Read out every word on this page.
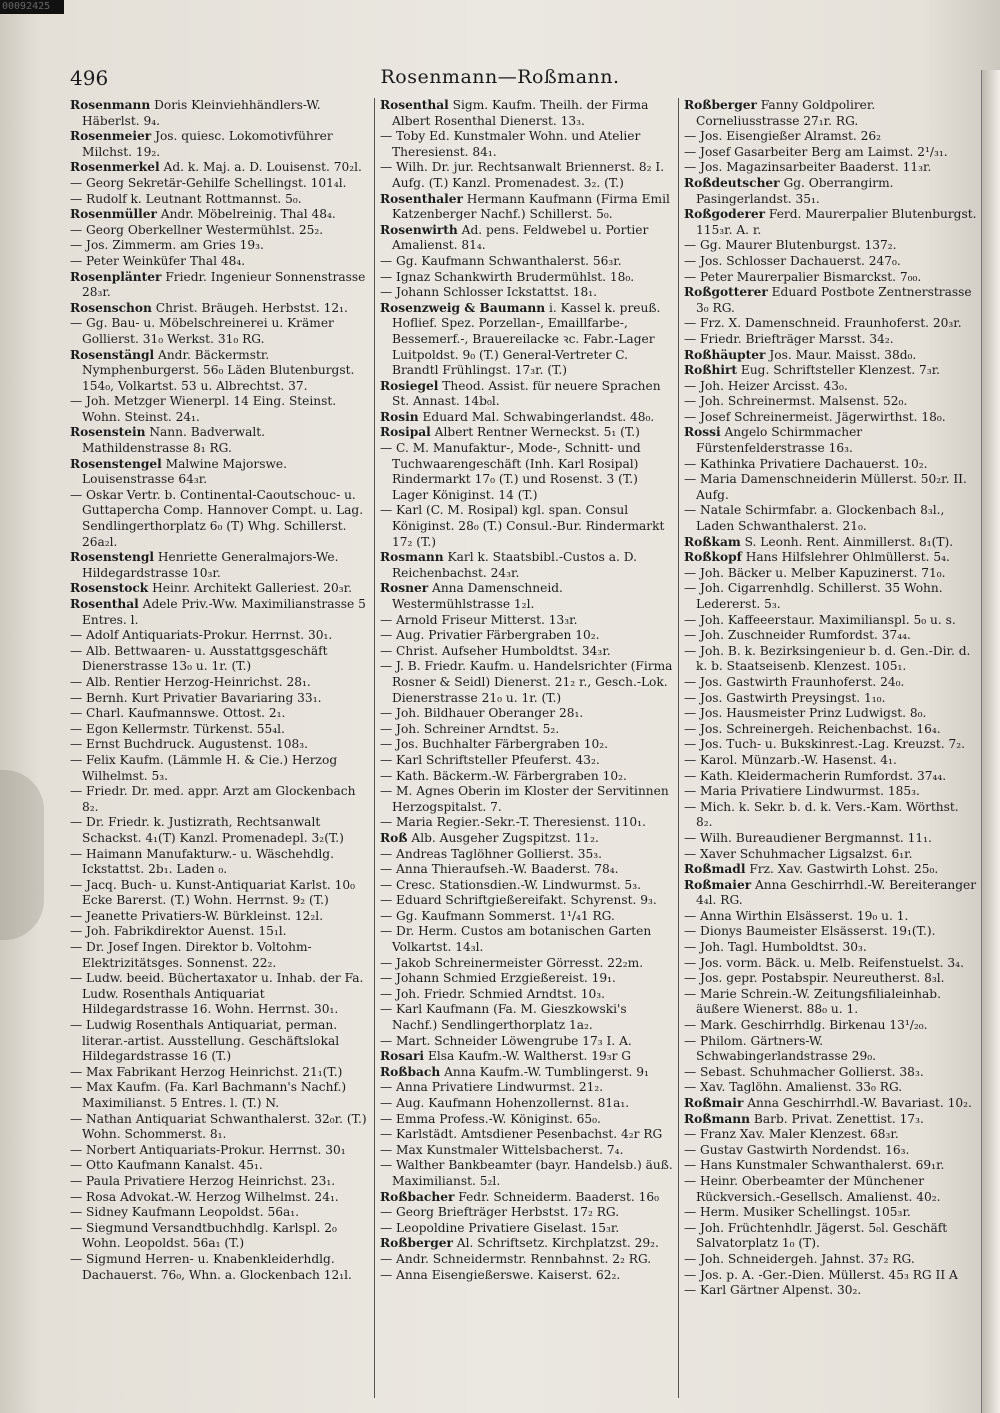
00092425
496	Rosenmann—Roßmann.

Rosenmann Doris Kleinviehhändlers-W. Häberlst. 9₄.

Rosenmeier Jos. quiesc. Lokomotivführer Milchst. 19₂.

Rosenmerkel Ad. k. Maj. a. D. Louisenst. 70₂l.

— Georg Sekretär-Gehilfe Schellingst. 101₄l.

— Rudolf k. Leutnant Rottmannst. 5₀.

Rosenmüller Andr. Möbelreinig. Thal 48₄.

— Georg Oberkellner Westermühlst. 25₂.

— Jos. Zimmerm. am Gries 19₃.

— Peter Weinküfer Thal 48₄.

Rosenplänter Friedr. Ingenieur Sonnenstrasse 28₃r.

Rosenschon Christ. Bräugeh. Herbstst. 12₁.

— Gg. Bau- u. Möbelschreinerei u. Krämer Gollierst. 31₀ Werkst. 31₀ RG.

Rosenstängl Andr. Bäckermstr. Nymphenburgerst. 56₀ Läden Blutenburgst. 154₀, Volkartst. 53 u. Albrechtst. 37.

— Joh. Metzger Wienerpl. 14 Eing. Steinst. Wohn. Steinst. 24₁.

Rosenstein Nann. Badverwalt. Mathildenstrasse 8₁ RG.

Rosenstengel Malwine Majorswe. Louisenstrasse 64₃r.

— Oskar Vertr. b. Continental-Caoutschouc- u. Guttapercha Comp. Hannover Compt. u. Lag. Sendlingerthorplatz 6₀ (T) Whg. Schillerst. 26a₂l.

Rosenstengl Henriette Generalmajors-We. Hildegardstrasse 10₃r.

Rosenstock Heinr. Architekt Galleriest. 20₃r.

Rosenthal Adele Priv.-Ww. Maximilianstrasse 5 Entres. l.

— Adolf Antiquariats-Prokur. Herrnst. 30₁.

— Alb. Bettwaaren- u. Ausstattgsgeschäft Dienerstrasse 13₀ u. 1r. (T.)

— Alb. Rentier Herzog-Heinrichst. 28₁.

— Bernh. Kurt Privatier Bavariaring 33₁.

— Charl. Kaufmannswe. Ottost. 2₁.

— Egon Kellermstr. Türkenst. 55₄l.

— Ernst Buchdruck. Augustenst. 108₃.

— Felix Kaufm. (Lämmle H. & Cie.) Herzog Wilhelmst. 5₃.

— Friedr. Dr. med. appr. Arzt am Glockenbach 8₂.

— Dr. Friedr. k. Justizrath, Rechtsanwalt Schackst. 4₁(T) Kanzl. Promenadepl. 3₂(T.)

— Haimann Manufakturw.- u. Wäschehdlg. Ickstattst. 2b₁. Laden ₀.

— Jacq. Buch- u. Kunst-Antiquariat Karlst. 10₀ Ecke Barerst. (T.) Wohn. Herrnst. 9₂ (T.)

— Jeanette Privatiers-W. Bürkleinst. 12₂l.

— Joh. Fabrikdirektor Auenst. 15₁l.

— Dr. Josef Ingen. Direktor b. Voltohm-Elektrizitätsges. Sonnenst. 22₂.

— Ludw. beeid. Büchertaxator u. Inhab. der Fa. Ludw. Rosenthals Antiquariat Hildegardstrasse 16. Wohn. Herrnst. 30₁.

— Ludwig Rosenthals Antiquariat, perman. literar.-artist. Ausstellung. Geschäftslokal Hildegardstrasse 16 (T.)

— Max Fabrikant Herzog Heinrichst. 21₁(T.)

— Max Kaufm. (Fa. Karl Bachmann's Nachf.) Maximilianst. 5 Entres. l. (T.) N.

— Nathan Antiquariat Schwanthalerst. 32₀r. (T.) Wohn. Schommerst. 8₁.

— Norbert Antiquariats-Prokur. Herrnst. 30₁

— Otto Kaufmann Kanalst. 45₁.

— Paula Privatiere Herzog Heinrichst. 23₁.

— Rosa Advokat.-W. Herzog Wilhelmst. 24₁.

— Sidney Kaufmann Leopoldst. 56a₁.

— Siegmund Versandtbuchhdlg. Karlspl. 2₀ Wohn. Leopoldst. 56a₁ (T.)

— Sigmund Herren- u. Knabenkleiderhdlg. Dachauerst. 76₀, Whn. a. Glockenbach 12₁l.

Rosenthal Sigm. Kaufm. Theilh. der Firma Albert Rosenthal Dienerst. 13₃.

— Toby Ed. Kunstmaler Wohn. und Atelier Theresienst. 84₁.

— Wilh. Dr. jur. Rechtsanwalt Briennerst. 8₂ I. Aufg. (T.) Kanzl. Promenadest. 3₂. (T.)

Rosenthaler Hermann Kaufmann (Firma Emil Katzenberger Nachf.) Schillerst. 5₀.

Rosenwirth Ad. pens. Feldwebel u. Portier Amalienst. 81₄.

— Gg. Kaufmann Schwanthalerst. 56₃r.

— Ignaz Schankwirth Brudermühlst. 18₀.

— Johann Schlosser Ickstattst. 18₁.

Rosenzweig & Baumann i. Kassel k. preuß. Hoflief. Spez. Porzellan-, Emaillfarbe-, Bessemerf.-, Brauereilacke ꝛc. Fabr.-Lager Luitpoldst. 9₀ (T.) General-Vertreter C. Brandtl Frühlingst. 17₃r. (T.)

Rosiegel Theod. Assist. für neuere Sprachen St. Annast. 14b₀l.

Rosin Eduard Mal. Schwabingerlandst. 48₀.

Rosipal Albert Rentner Werneckst. 5₁ (T.)

— C. M. Manufaktur-, Mode-, Schnitt- und Tuchwaarengeschäft (Inh. Karl Rosipal) Rindermarkt 17₀ (T.) und Rosenst. 3 (T.) Lager Königinst. 14 (T.)

— Karl (C. M. Rosipal) kgl. span. Consul Königinst. 28₀ (T.) Consul.-Bur. Rindermarkt 17₂ (T.)

Rosmann Karl k. Staatsbibl.-Custos a. D. Reichenbachst. 24₃r.

Rosner Anna Damenschneid. Westermühlstrasse 1₂l.

— Arnold Friseur Mitterst. 13₃r.

— Aug. Privatier Färbergraben 10₂.

— Christ. Aufseher Humboldtst. 34₃r.

— J. B. Friedr. Kaufm. u. Handelsrichter (Firma Rosner & Seidl) Dienerst. 21₂ r., Gesch.-Lok. Dienerstrasse 21₀ u. 1r. (T.)

— Joh. Bildhauer Oberanger 28₁.

— Joh. Schreiner Arndtst. 5₂.

— Jos. Buchhalter Färbergraben 10₂.

— Karl Schriftsteller Pfeuferst. 43₂.

— Kath. Bäckerm.-W. Färbergraben 10₂.

— M. Agnes Oberin im Kloster der Servitinnen Herzogspitalst. 7.

— Maria Regier.-Sekr.-T. Theresienst. 110₁.

Roß Alb. Ausgeher Zugspitzst. 11₂.

— Andreas Taglöhner Gollierst. 35₃.

— Anna Thieraufseh.-W. Baaderst. 78₄.

— Cresc. Stationsdien.-W. Lindwurmst. 5₃.

— Eduard Schriftgießereifakt. Schyrenst. 9₃.

— Gg. Kaufmann Sommerst. 1¹/₄1 RG.

— Dr. Herm. Custos am botanischen Garten Volkartst. 14₃l.

— Jakob Schreinermeister Görresst. 22₂m.

— Johann Schmied Erzgießereist. 19₁.

— Joh. Friedr. Schmied Arndtst. 10₃.

— Karl Kaufmann (Fa. M. Gieszkowski's Nachf.) Sendlingerthorplatz 1a₂.

— Mart. Schneider Löwengrube 17₃ I. A.

Rosari Elsa Kaufm.-W. Waltherst. 19₃r G

Roßbach Anna Kaufm.-W. Tumblingerst. 9₁

— Anna Privatiere Lindwurmst. 21₂.

— Aug. Kaufmann Hohenzollernst. 81a₁.

— Emma Profess.-W. Königinst. 65₀.

— Karlstädt. Amtsdiener Pesenbachst. 4₂r RG

— Max Kunstmaler Wittelsbacherst. 7₄.

— Walther Bankbeamter (bayr. Handelsb.) äuß. Maximilianst. 5₂l.

Roßbacher Fedr. Schneiderm. Baaderst. 16₀

— Georg Briefträger Herbstst. 17₂ RG.

— Leopoldine Privatiere Giselast. 15₃r.

Roßberger Al. Schriftsetz. Kirchplatzst. 29₂.

— Andr. Schneidermstr. Rennbahnst. 2₂ RG.

— Anna Eisengießerswe. Kaiserst. 62₂.

Roßberger Fanny Goldpolirer. Corneliusstrasse 27₁r. RG.

— Jos. Eisengießer Alramst. 26₂

— Josef Gasarbeiter Berg am Laimst. 2¹/₃₁.

— Jos. Magazinsarbeiter Baaderst. 11₃r.

Roßdeutscher Gg. Oberrangirm. Pasingerlandst. 35₁.

Roßgoderer Ferd. Maurerpalier Blutenburgst. 115₃r. A. r.

— Gg. Maurer Blutenburgst. 137₂.

— Jos. Schlosser Dachauerst. 247₀.

— Peter Maurerpalier Bismarckst. 7₀₀.

Roßgotterer Eduard Postbote Zentnerstrasse 3₀ RG.

— Frz. X. Damenschneid. Fraunhoferst. 20₃r.

— Friedr. Briefträger Marsst. 34₂.

Roßhäupter Jos. Maur. Maisst. 38d₀.

Roßhirt Eug. Schriftsteller Klenzest. 7₃r.

— Joh. Heizer Arcisst. 43₀.

— Joh. Schreinermst. Malsenst. 52₀.

— Josef Schreinermeist. Jägerwirthst. 18₀.

Rossi Angelo Schirmmacher Fürstenfelderstrasse 16₃.

— Kathinka Privatiere Dachauerst. 10₂.

— Maria Damenschneiderin Müllerst. 50₂r. II. Aufg.

— Natale Schirmfabr. a. Glockenbach 8₃l., Laden Schwanthalerst. 21₀.

Roßkam S. Leonh. Rent. Ainmillerst. 8₁(T).

Roßkopf Hans Hilfslehrer Ohlmüllerst. 5₄.

— Joh. Bäcker u. Melber Kapuzinerst. 71₀.

— Joh. Cigarrenhdlg. Schillerst. 35 Wohn. Ledererst. 5₃.

— Joh. Kaffeeerstaur. Maximilianspl. 5₀ u. s.

— Joh. Zuschneider Rumfordst. 37₄₄.

— Joh. B. k. Bezirksingenieur b. d. Gen.-Dir. d. k. b. Staatseisenb. Klenzest. 105₁.

— Jos. Gastwirth Fraunhoferst. 24₀.

— Jos. Gastwirth Preysingst. 1₁₀.

— Jos. Hausmeister Prinz Ludwigst. 8₀.

— Jos. Schreinergeh. Reichenbachst. 16₄.

— Jos. Tuch- u. Bukskinrest.-Lag. Kreuzst. 7₂.

— Karol. Münzarb.-W. Hasenst. 4₁.

— Kath. Kleidermacherin Rumfordst. 37₄₄.

— Maria Privatiere Lindwurmst. 185₃.

— Mich. k. Sekr. b. d. k. Vers.-Kam. Wörthst. 8₂.

— Wilh. Bureaudiener Bergmannst. 11₁.

— Xaver Schuhmacher Ligsalzst. 6₁r.

Roßmadl Frz. Xav. Gastwirth Lohst. 25₀.

Roßmaier Anna Geschirrhdl.-W. Bereiteranger 4₄l. RG.

— Anna Wirthin Elsässerst. 19₀ u. 1.

— Dionys Baumeister Elsässerst. 19₁(T.).

— Joh. Tagl. Humboldtst. 30₃.

— Jos. vorm. Bäck. u. Melb. Reifenstuelst. 3₄.

— Jos. gepr. Postabspir. Neureutherst. 8₃l.

— Marie Schrein.-W. Zeitungsfilialeinhab. äußere Wienerst. 88₀ u. 1.

— Mark. Geschirrhdlg. Birkenau 13¹/₂₀.

— Philom. Gärtners-W. Schwabingerlandstrasse 29₀.

— Sebast. Schuhmacher Gollierst. 38₃.

— Xav. Taglöhn. Amalienst. 33₀ RG.

Roßmair Anna Geschirrhdl.-W. Bavariast. 10₂.

Roßmann Barb. Privat. Zenettist. 17₃.

— Franz Xav. Maler Klenzest. 68₃r.

— Gustav Gastwirth Nordendst. 16₃.

— Hans Kunstmaler Schwanthalerst. 69₁r.

— Heinr. Oberbeamter der Münchener Rückversich.-Gesellsch. Amalienst. 40₂.

— Herm. Musiker Schellingst. 105₃r.

— Joh. Früchtenhdlr. Jägerst. 5₀l. Geschäft Salvatorplatz 1₀ (T).

— Joh. Schneidergeh. Jahnst. 37₂ RG.

— Jos. p. A. -Ger.-Dien. Müllerst. 45₃ RG II A

— Karl Gärtner Alpenst. 30₂.
